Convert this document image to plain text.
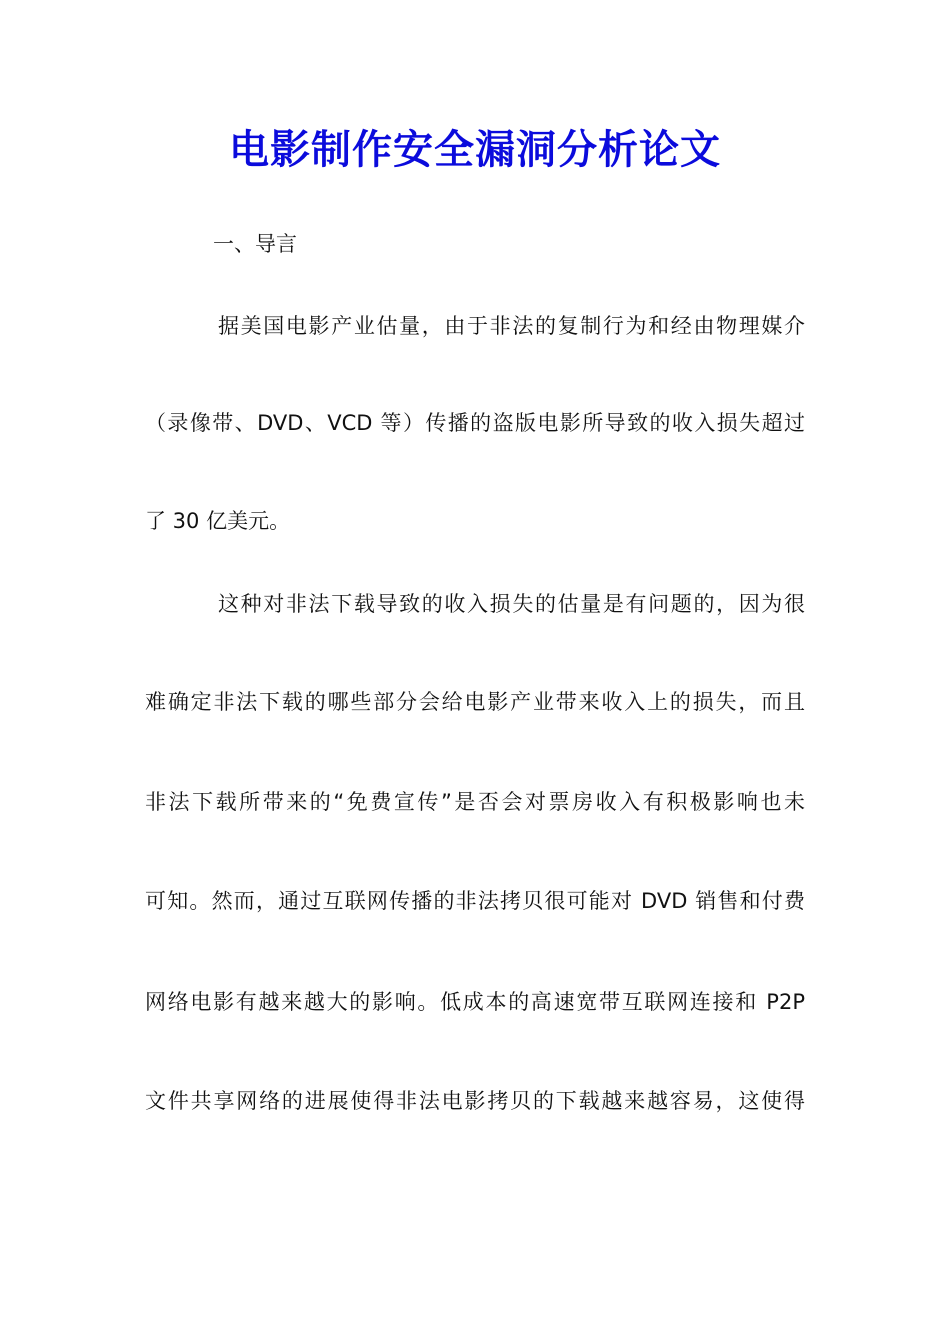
电影制作安全漏洞分析论文
一、导言
据美国电影产业估量，由于非法的复制行为和经由物理媒介
（录像带、DVD、VCD 等）传播的盗版电影所导致的收入损失超过
了 30 亿美元。
这种对非法下载导致的收入损失的估量是有问题的，因为很
难确定非法下载的哪些部分会给电影产业带来收入上的损失，而且
非法下载所带来的“免费宣传”是否会对票房收入有积极影响也未
可知。然而，通过互联网传播的非法拷贝很可能对 DVD 销售和付费
网络电影有越来越大的影响。低成本的高速宽带互联网连接和 P2P
文件共享网络的进展使得非法电影拷贝的下载越来越容易，这使得
